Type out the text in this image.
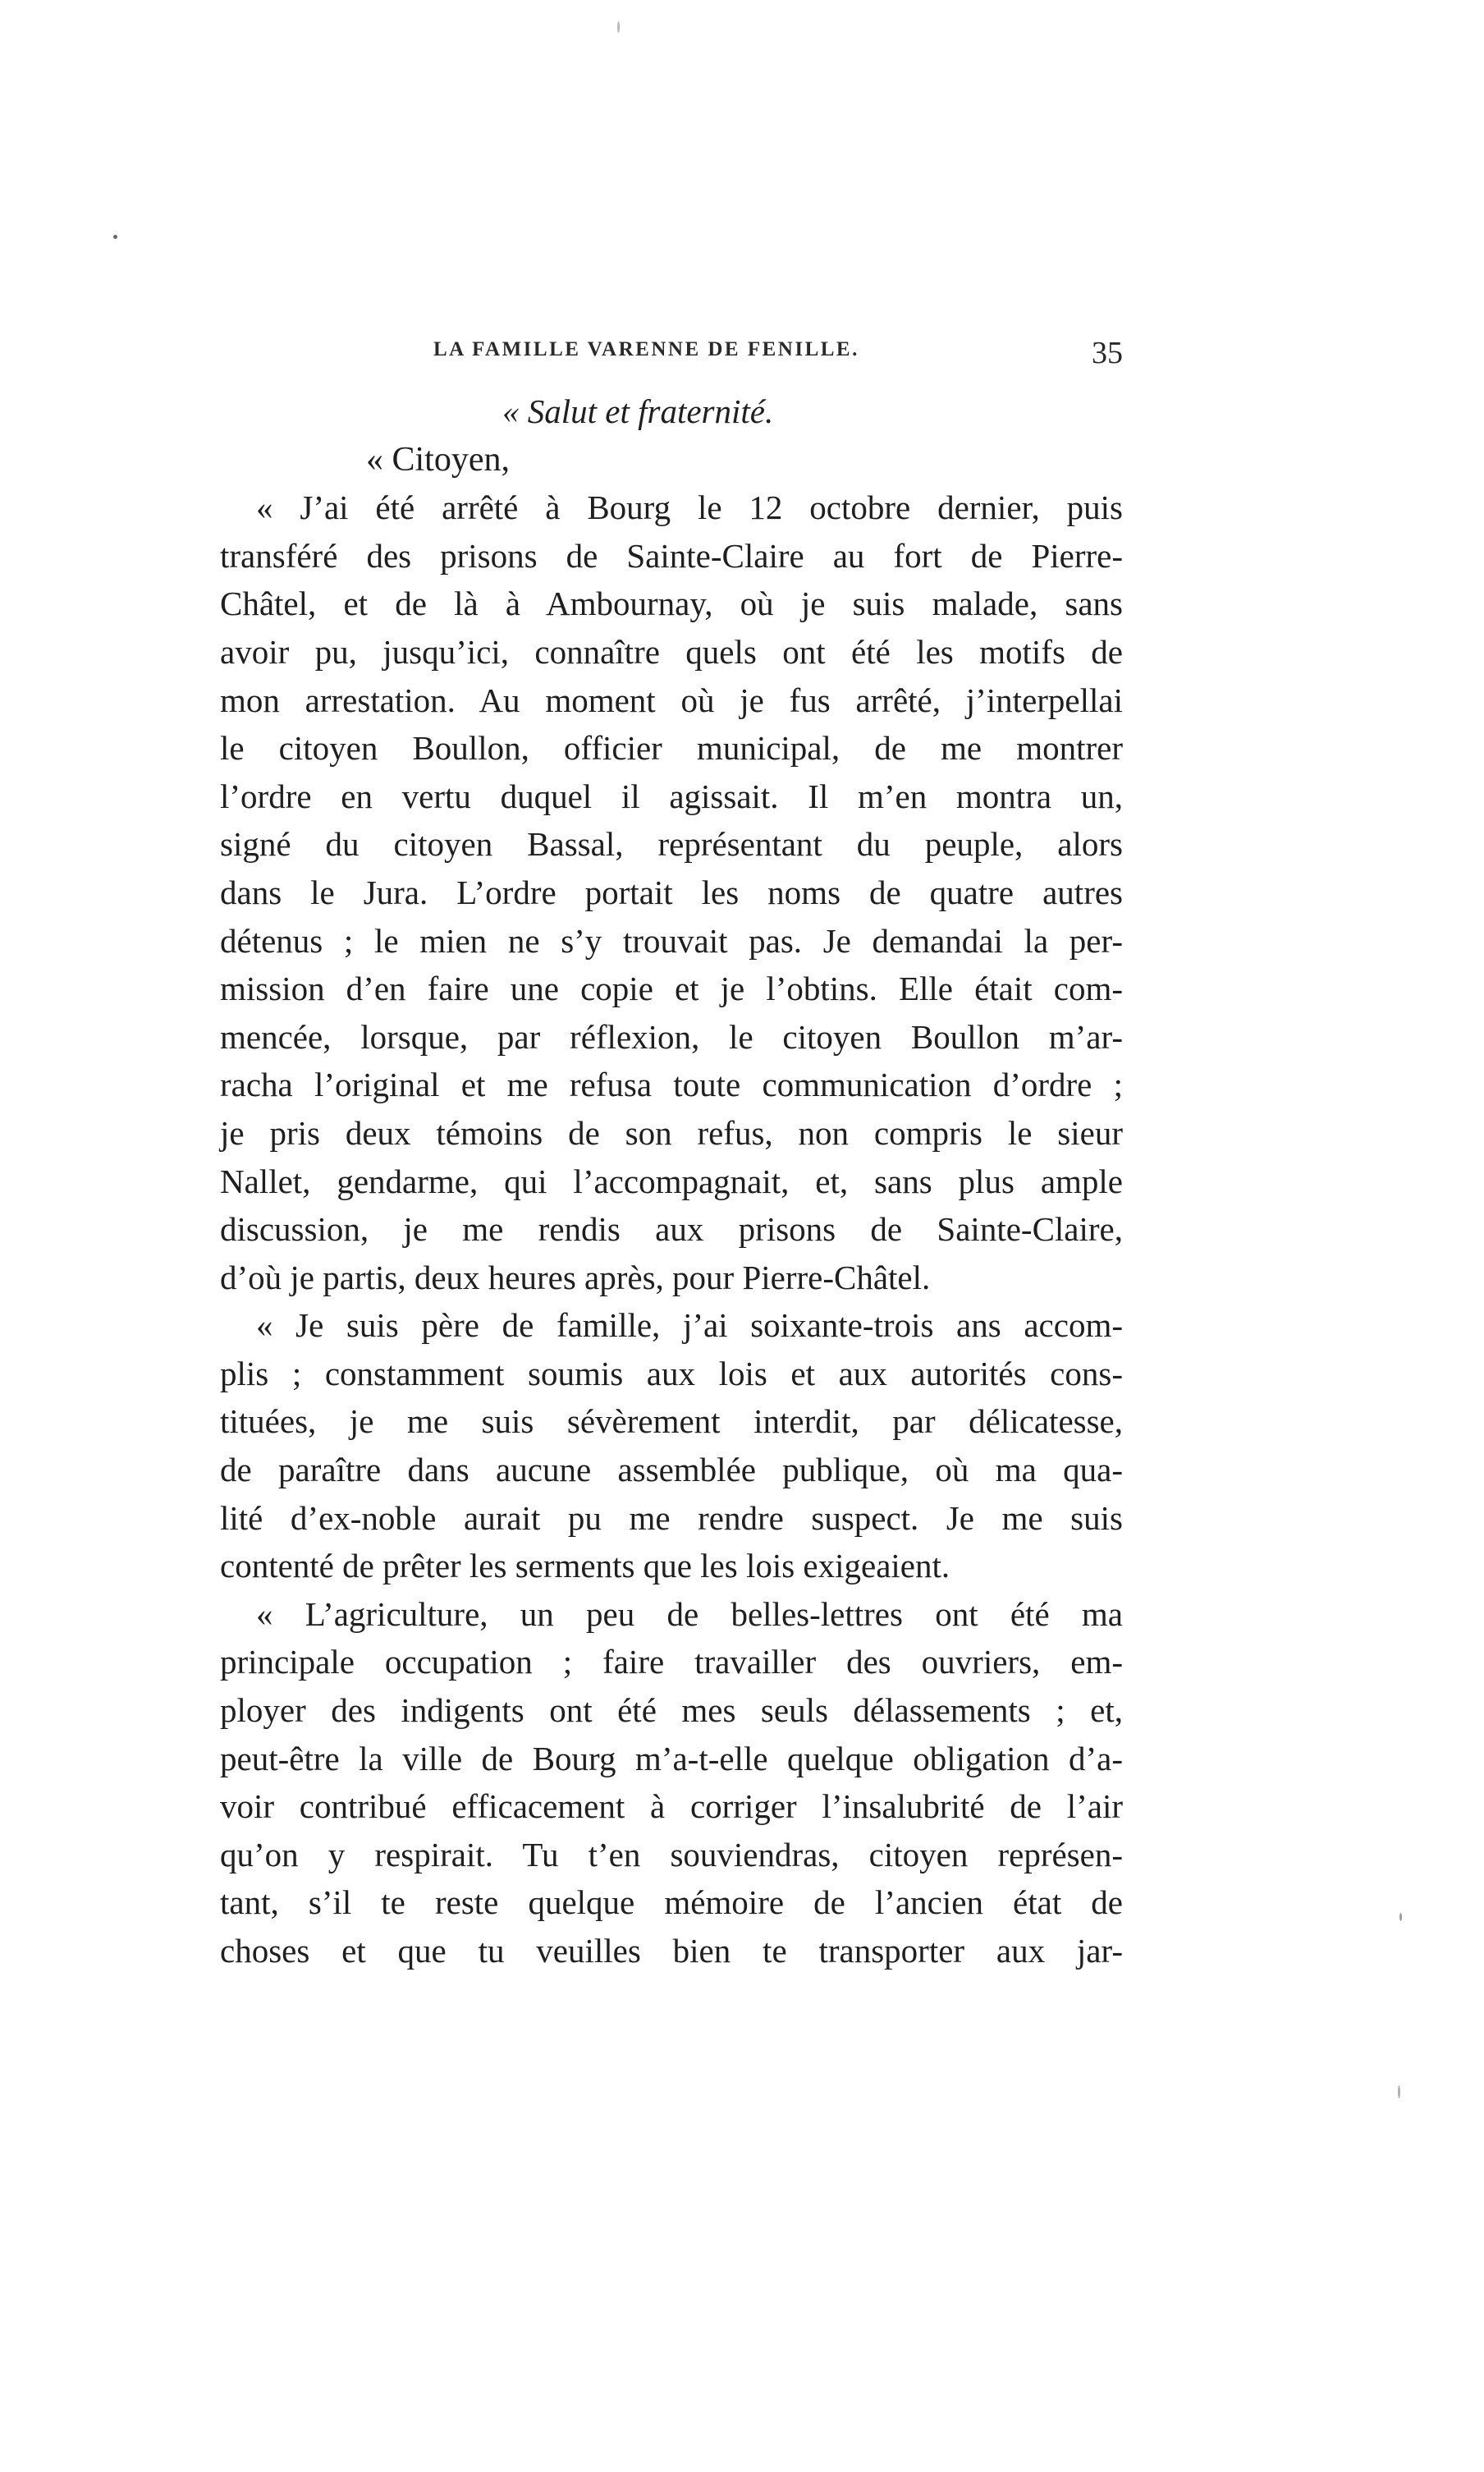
LA FAMILLE VARENNE DE FENILLE.	35
« Salut et fraternité.
« Citoyen,
« J’ai été arrêté à Bourg le 12 octobre dernier, puis
transféré des prisons de Sainte-Claire au fort de Pierre-
Châtel, et de là à Ambournay, où je suis malade, sans
avoir pu, jusqu’ici, connaître quels ont été les motifs de
mon arrestation. Au moment où je fus arrêté, j’interpellai
le citoyen Boullon, officier municipal, de me montrer
l’ordre en vertu duquel il agissait. Il m’en montra un,
signé du citoyen Bassal, représentant du peuple, alors
dans le Jura. L’ordre portait les noms de quatre autres
détenus ; le mien ne s’y trouvait pas. Je demandai la per-
mission d’en faire une copie et je l’obtins. Elle était com-
mencée, lorsque, par réflexion, le citoyen Boullon m’ar-
racha l’original et me refusa toute communication d’ordre ;
je pris deux témoins de son refus, non compris le sieur
Nallet, gendarme, qui l’accompagnait, et, sans plus ample
discussion, je me rendis aux prisons de Sainte-Claire,
d’où je partis, deux heures après, pour Pierre-Châtel.
« Je suis père de famille, j’ai soixante-trois ans accom-
plis ; constamment soumis aux lois et aux autorités cons-
tituées, je me suis sévèrement interdit, par délicatesse,
de paraître dans aucune assemblée publique, où ma qua-
lité d’ex-noble aurait pu me rendre suspect. Je me suis
contenté de prêter les serments que les lois exigeaient.
« L’agriculture, un peu de belles-lettres ont été ma
principale occupation ; faire travailler des ouvriers, em-
ployer des indigents ont été mes seuls délassements ; et,
peut-être la ville de Bourg m’a-t-elle quelque obligation d’a-
voir contribué efficacement à corriger l’insalubrité de l’air
qu’on y respirait. Tu t’en souviendras, citoyen représen-
tant, s’il te reste quelque mémoire de l’ancien état de
choses et que tu veuilles bien te transporter aux jar-
